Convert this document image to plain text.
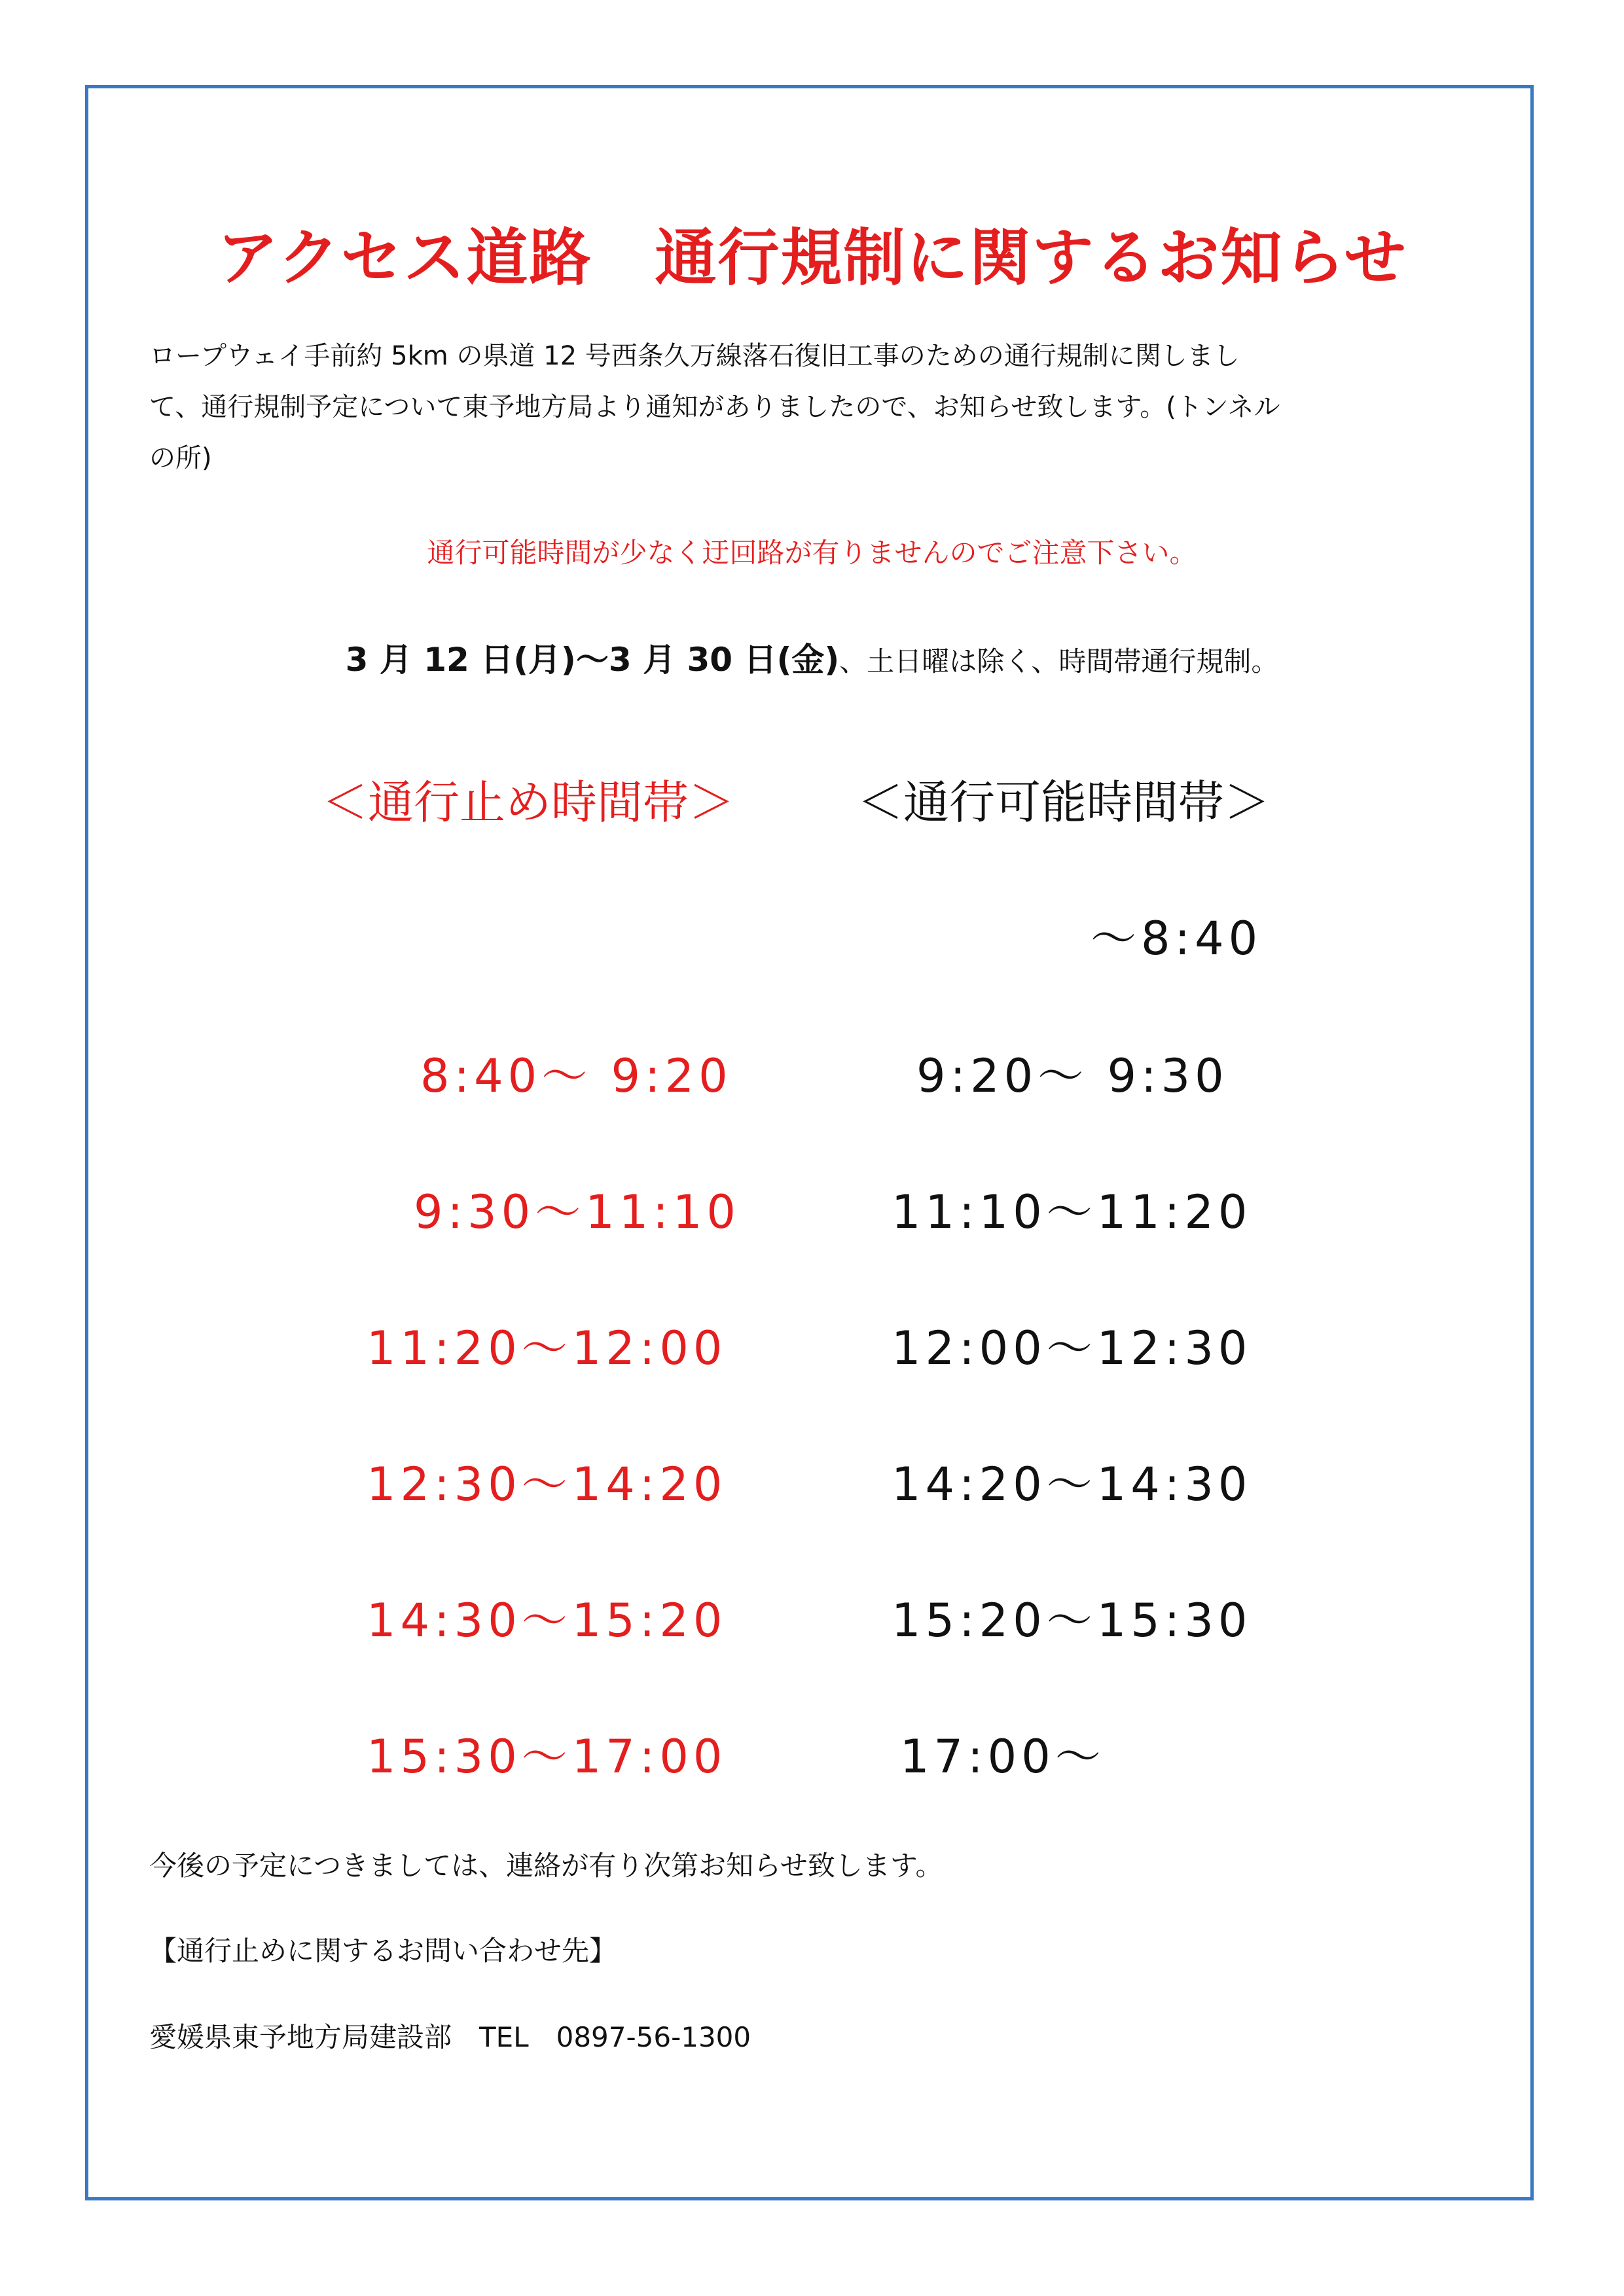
アクセス道路　通行規制に関するお知らせ
ロープウェイ手前約 5km の県道 12 号西条久万線落石復旧工事のための通行規制に関しまし
て、通行規制予定について東予地方局より通知がありましたので、お知らせ致します。(トンネル
の所)
通行可能時間が少なく迂回路が有りませんのでご注意下さい。
3 月 12 日(月)〜3 月 30 日(金)、土日曜は除く、時間帯通行規制。
＜通行止め時間帯＞	＜通行可能時間帯＞
〜8:40
9:20〜 9:30
11:10〜11:20
12:00〜12:30
14:20〜14:30
15:20〜15:30
17:00〜
8:40〜 9:20
9:30〜11:10
11:20〜12:00
12:30〜14:20
14:30〜15:20
15:30〜17:00
今後の予定につきましては、連絡が有り次第お知らせ致します。
【通行止めに関するお問い合わせ先】
愛媛県東予地方局建設部　TEL　0897-56-1300
